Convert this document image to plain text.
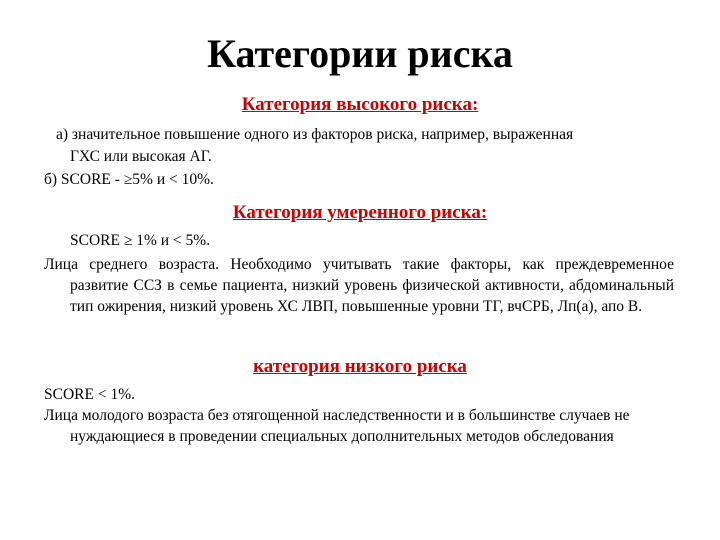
Категории риска
Категория высокого риска:
а) значительное повышение одного из факторов риска, например, выраженная
ГХС или высокая АГ.
б) SCORE - ≥5% и < 10%.
Категория умеренного риска:
SCORE ≥ 1% и < 5%.

Лица среднего возраста. Необходимо учитывать такие факторы, как преждевременное развитие ССЗ в семье пациента, низкий уровень физической активности, абдоминальный тип ожирения, низкий уровень ХС ЛВП, повышенные уровни ТГ, вчСРБ, Лп(а), апо В.

категория низкого риска
SCORE < 1%.

Лица молодого возраста без отягощенной наследственности и в большинстве случаев не нуждающиеся в проведении специальных дополнительных методов обследования
